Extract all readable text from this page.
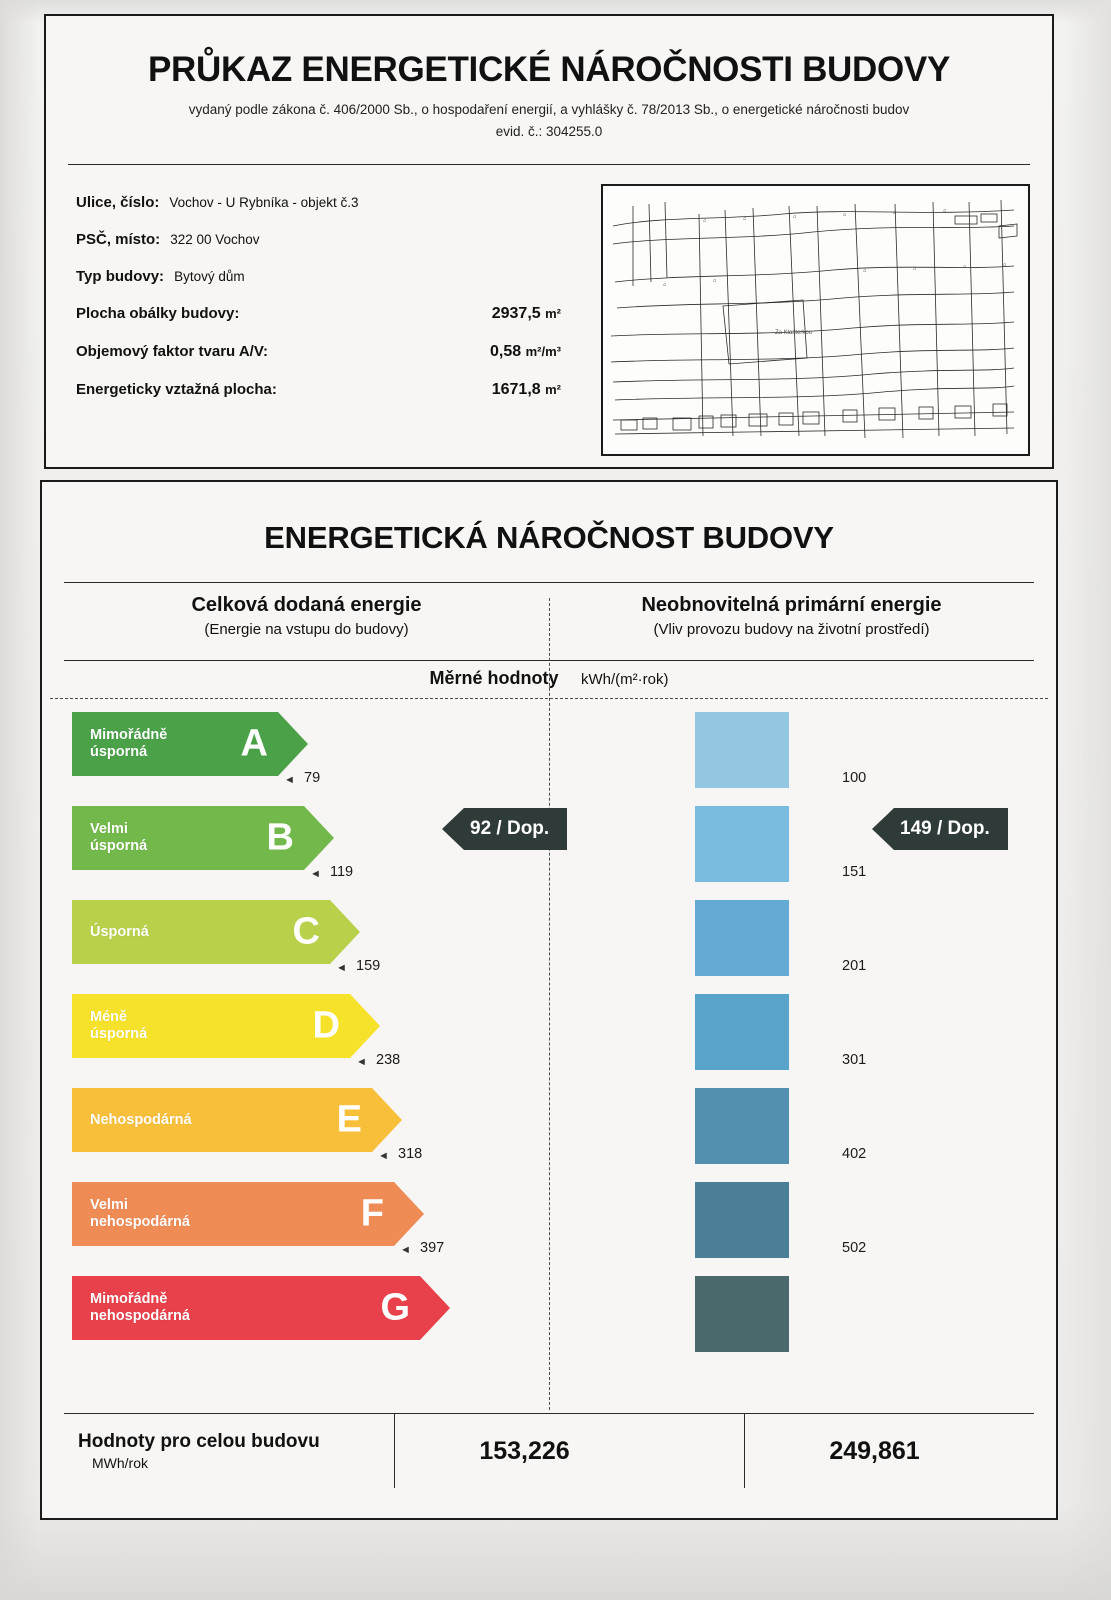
PRŮKAZ ENERGETICKÉ NÁROČNOSTI BUDOVY
vydaný podle zákona č. 406/2000 Sb., o hospodaření energií, a vyhlášky č. 78/2013 Sb., o energetické náročnosti budov
evid. č.: 304255.0
Ulice, číslo: Vochov - U Rybníka - objekt č.3
PSČ, místo: 322 00 Vochov
Typ budovy: Bytový dům
Plocha obálky budovy:	2937,5 m²
Objemový faktor tvaru A/V:	0,58 m²/m³
Energeticky vztažná plocha:	1671,8 m²
⌂	⌂	⌂	⌂	⌂	⌂
⌂
⌂
⌂	⌂	⌂	⌂
Za Klašterkou
ENERGETICKÁ NÁROČNOST BUDOVY
Celková dodaná energie
(Energie na vstupu do budovy)
Neobnovitelná primární energie
(Vliv provozu budovy na životní prostředí)
Měrné hodnoty kWh/(m²·rok)
Mimořádně
úsporná	A
Velmi
úsporná	B
Úsporná	C
Méně
úsporná	D
Nehospodárná	E
Velmi
nehospodárná	F
Mimořádně
nehospodárná	G
◄ 79
◄ 119
◄ 159
◄ 238
◄ 318
◄ 397
100
151
201
301
402
502
92 / Dop.	149 / Dop.
Hodnoty pro celou budovu
MWh/rok	153,226	249,861
